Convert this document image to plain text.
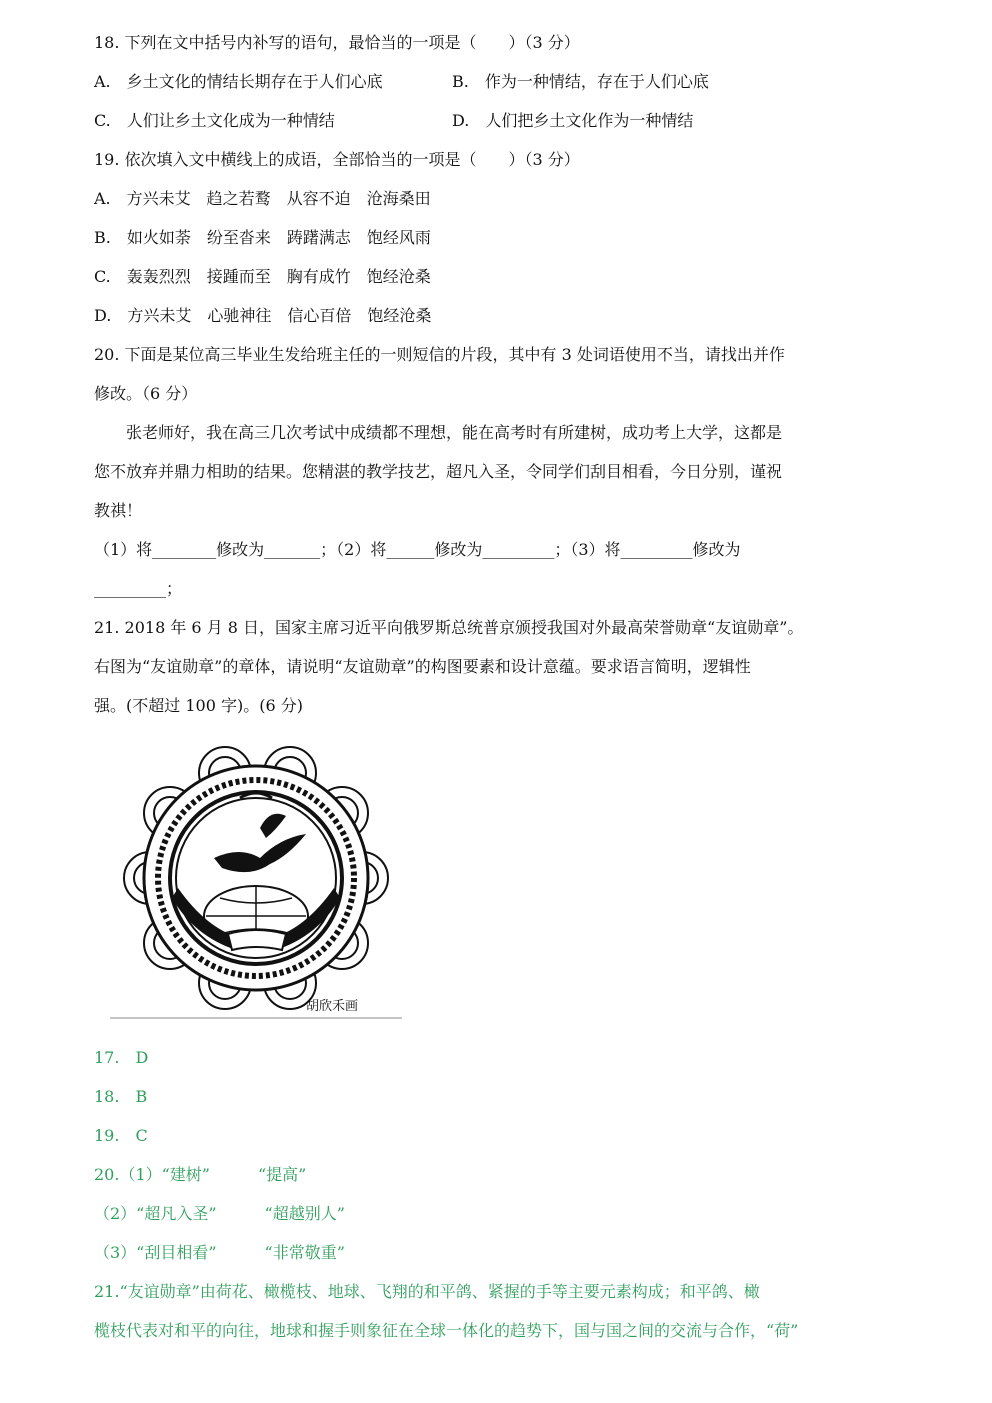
18. 下列在文中括号内补写的语句，最恰当的一项是（　　）（3 分）
A.　乡土文化的情结长期存在于人们心底	B.　作为一种情结，存在于人们心底
C.　人们让乡土文化成为一种情结	D.　人们把乡土文化作为一种情结
19. 依次填入文中横线上的成语，全部恰当的一项是（　　）（3 分）
A.　方兴未艾　趋之若鹜　从容不迫　沧海桑田
B.　如火如荼　纷至沓来　踌躇满志　饱经风雨
C.　轰轰烈烈　接踵而至　胸有成竹　饱经沧桑
D.　方兴未艾　心驰神往　信心百倍　饱经沧桑
20. 下面是某位高三毕业生发给班主任的一则短信的片段，其中有 3 处词语使用不当，请找出并作
修改。（6 分）
　　张老师好，我在高三几次考试中成绩都不理想，能在高考时有所建树，成功考上大学，这都是
您不放弃并鼎力相助的结果。您精湛的教学技艺，超凡入圣，令同学们刮目相看，今日分别，谨祝
教祺！
（1）将________修改为_______；（2）将______修改为_________；（3）将_________修改为
_________；
21. 2018 年 6 月 8 日，国家主席习近平向俄罗斯总统普京颁授我国对外最高荣誉勋章“友谊勋章”。
右图为“友谊勋章”的章体，请说明“友谊勋章”的构图要素和设计意蕴。要求语言简明，逻辑性
强。(不超过 100 字)。(6 分)
胡欣禾画
17.　D
18.　B
19.　C
20.（1）“建树”　　　“提高”
（2）“超凡入圣”　　　“超越别人”
（3）“刮目相看”　　　“非常敬重”
21.“友谊勋章”由荷花、橄榄枝、地球、飞翔的和平鸽、紧握的手等主要元素构成；和平鸽、橄
榄枝代表对和平的向往，地球和握手则象征在全球一体化的趋势下，国与国之间的交流与合作，“荷”
